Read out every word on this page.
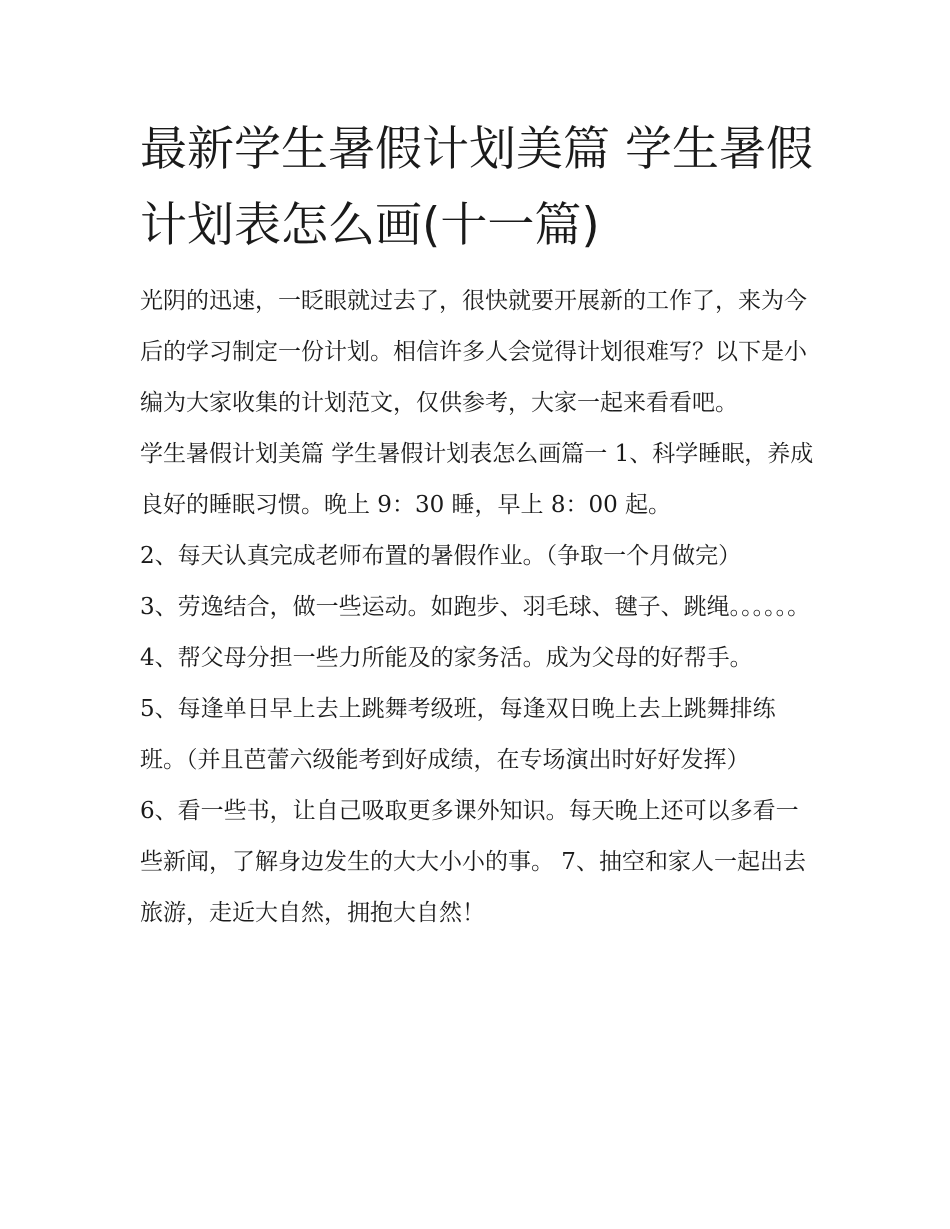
最新学生暑假计划美篇 学生暑假计划表怎么画(十一篇)

光阴的迅速，一眨眼就过去了，很快就要开展新的工作了，来为今后的学习制定一份计划。相信许多人会觉得计划很难写？以下是小编为大家收集的计划范文，仅供参考，大家一起来看看吧。

学生暑假计划美篇 学生暑假计划表怎么画篇一 1、科学睡眠，养成良好的睡眠习惯。晚上 9：30 睡，早上 8：00 起。

2、每天认真完成老师布置的暑假作业。（争取一个月做完）

3、劳逸结合，做一些运动。如跑步、羽毛球、毽子、跳绳。。。。。。

4、帮父母分担一些力所能及的家务活。成为父母的好帮手。

5、每逢单日早上去上跳舞考级班，每逢双日晚上去上跳舞排练班。（并且芭蕾六级能考到好成绩，在专场演出时好好发挥）

6、看一些书，让自己吸取更多课外知识。每天晚上还可以多看一些新闻，了解身边发生的大大小小的事。 7、抽空和家人一起出去旅游，走近大自然，拥抱大自然！
